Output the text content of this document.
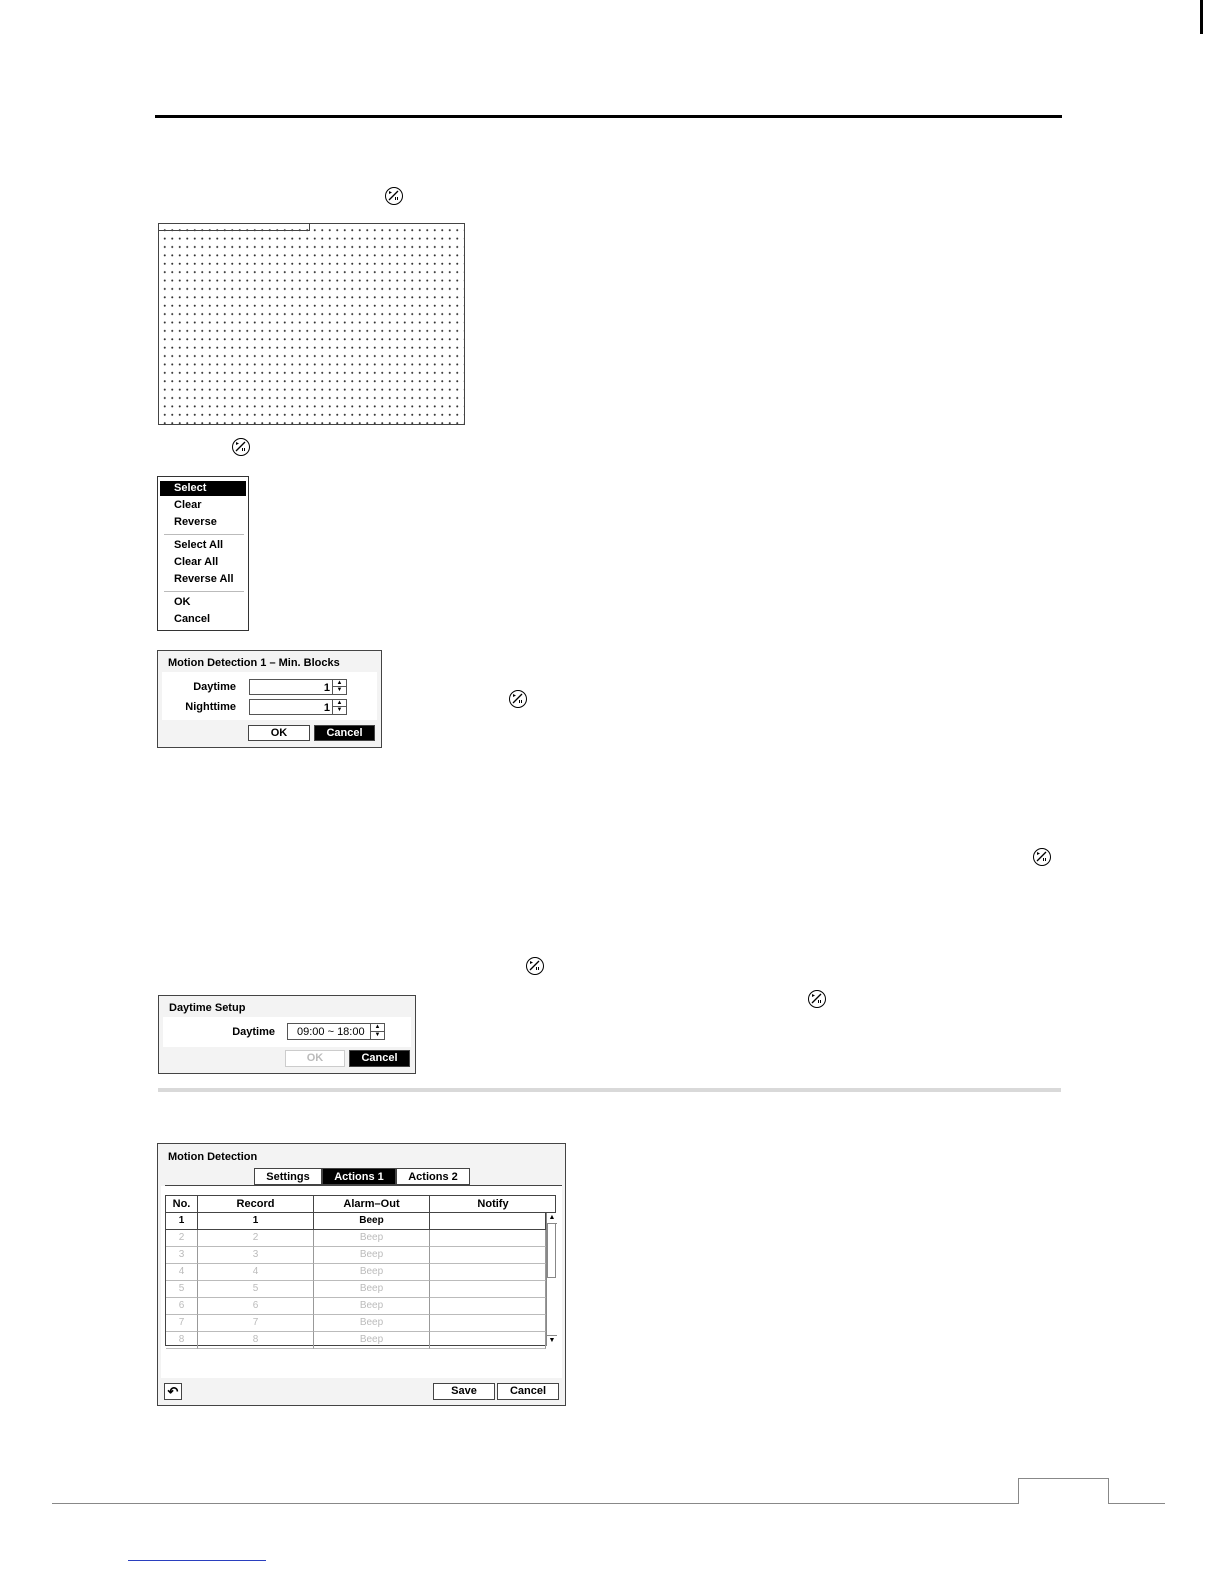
Select
Clear
Reverse
Select All
Clear All
Reverse All
OK
Cancel
Motion Detection 1 – Min. Blocks
Daytime	1	▲
▼
Nighttime	1	▲
▼
OK	Cancel
Daytime Setup
Daytime 09:00 ~ 18:00	▲
▼
OK	Cancel
Motion Detection
Settings	Actions 1	Actions 2
No.	Record	Alarm–Out	Notify
1	1	Beep
2	2	Beep
3	3	Beep
4	4	Beep
5	5	Beep
6	6	Beep
7	7	Beep
8	8	Beep
▲
▼
↶	Save	Cancel
